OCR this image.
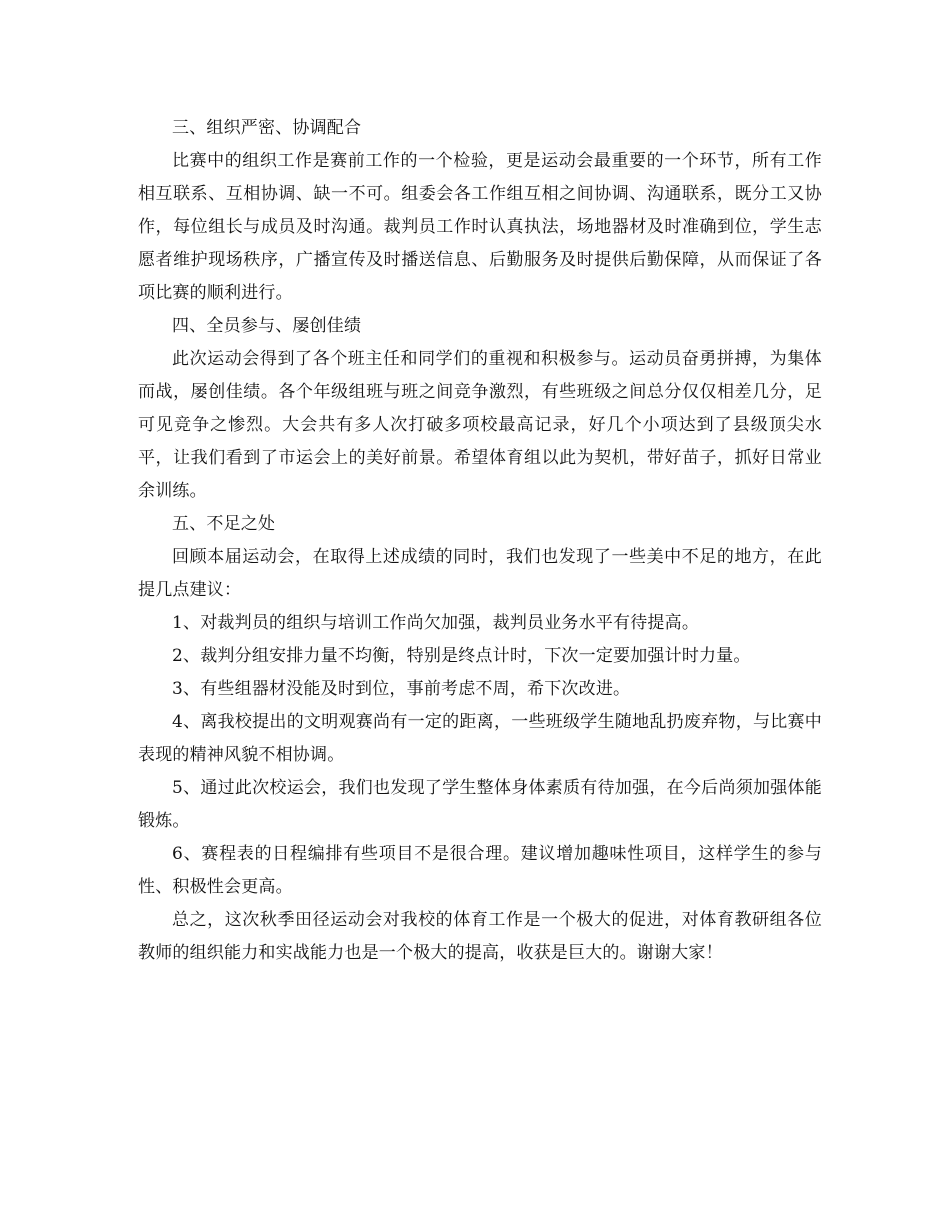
三、组织严密、协调配合

比赛中的组织工作是赛前工作的一个检验，更是运动会最重要的一个环节，所有工作相互联系、互相协调、缺一不可。组委会各工作组互相之间协调、沟通联系，既分工又协作，每位组长与成员及时沟通。裁判员工作时认真执法，场地器材及时准确到位，学生志愿者维护现场秩序，广播宣传及时播送信息、后勤服务及时提供后勤保障，从而保证了各项比赛的顺利进行。

四、全员参与、屡创佳绩

此次运动会得到了各个班主任和同学们的重视和积极参与。运动员奋勇拼搏，为集体而战，屡创佳绩。各个年级组班与班之间竞争激烈，有些班级之间总分仅仅相差几分，足可见竞争之惨烈。大会共有多人次打破多项校最高记录，好几个小项达到了县级顶尖水平，让我们看到了市运会上的美好前景。希望体育组以此为契机，带好苗子，抓好日常业余训练。

五、不足之处

回顾本届运动会，在取得上述成绩的同时，我们也发现了一些美中不足的地方，在此提几点建议：

1、对裁判员的组织与培训工作尚欠加强，裁判员业务水平有待提高。

2、裁判分组安排力量不均衡，特别是终点计时，下次一定要加强计时力量。

3、有些组器材没能及时到位，事前考虑不周，希下次改进。

4、离我校提出的文明观赛尚有一定的距离，一些班级学生随地乱扔废弃物，与比赛中表现的精神风貌不相协调。

5、通过此次校运会，我们也发现了学生整体身体素质有待加强，在今后尚须加强体能锻炼。

6、赛程表的日程编排有些项目不是很合理。建议增加趣味性项目，这样学生的参与性、积极性会更高。

总之，这次秋季田径运动会对我校的体育工作是一个极大的促进，对体育教研组各位教师的组织能力和实战能力也是一个极大的提高，收获是巨大的。谢谢大家！
